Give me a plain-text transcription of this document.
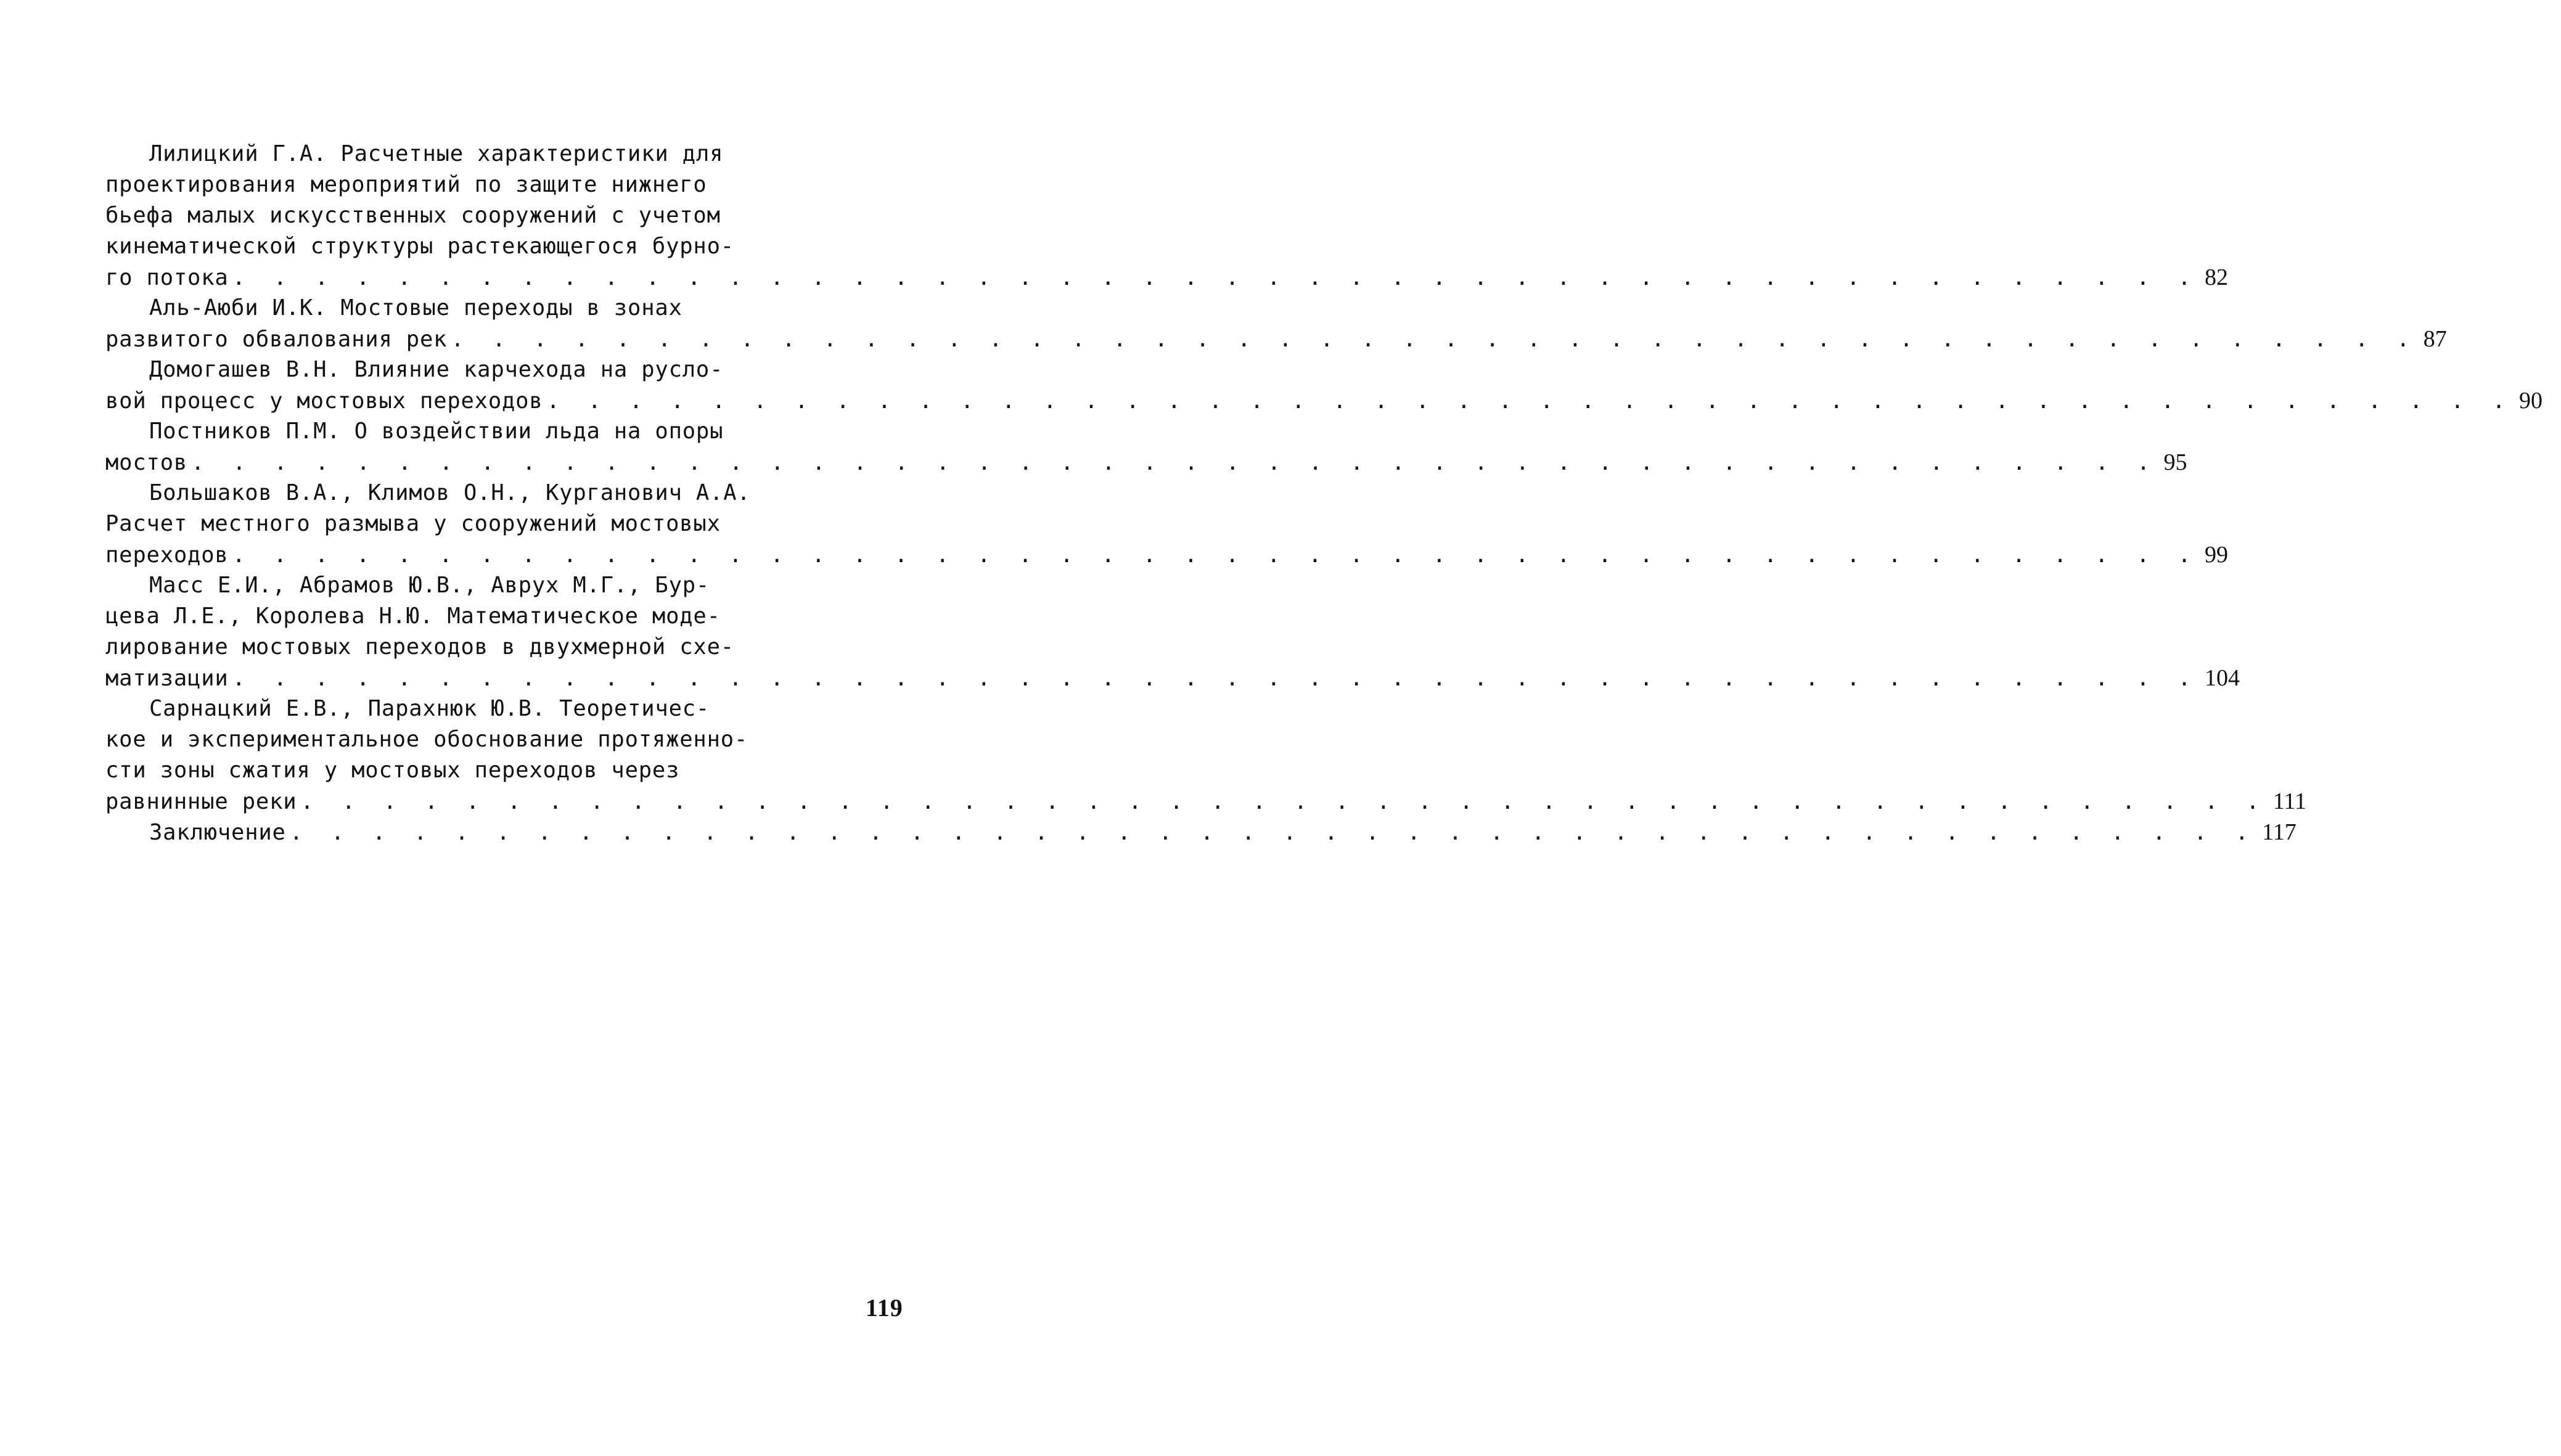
Лилицкий Г.А. Расчетные характеристики для
проектирования мероприятий по защите нижнего
бьефа малых искусственных сооружений с учетом
кинематической структуры растекающегося бурно-
го потока . . . . . . . . . . . . . . . . . . . . . . . . . . . . . . . . . . . . . . . . . . . . . . . . 82
Аль-Аюби И.К. Мостовые переходы в зонах
развитого обвалования рек . . . . . . . . . . . . . . . . . . . . . . . . . . . . . . . . . . . . . . . . . . . . . . . . 87
Домогашев В.Н. Влияние карчехода на русло-
вой процесс у мостовых переходов . . . . . . . . . . . . . . . . . . . . . . . . . . . . . . . . . . . . . . . . . . . . . . . . 90
Постников П.М. О воздействии льда на опоры
мостов . . . . . . . . . . . . . . . . . . . . . . . . . . . . . . . . . . . . . . . . . . . . . . . . 95
Большаков В.А., Климов О.Н., Курганович А.А.
Расчет местного размыва у сооружений мостовых
переходов . . . . . . . . . . . . . . . . . . . . . . . . . . . . . . . . . . . . . . . . . . . . . . . . 99
Масс Е.И., Абрамов Ю.В., Аврух М.Г., Бур-
цева Л.Е., Королева Н.Ю. Математическое моде-
лирование мостовых переходов в двухмерной схе-
матизации . . . . . . . . . . . . . . . . . . . . . . . . . . . . . . . . . . . . . . . . . . . . . . . . 104
Сарнацкий Е.В., Парахнюк Ю.В. Теоретичес-
кое и экспериментальное обоснование протяженно-
сти зоны сжатия у мостовых переходов через
равнинные реки . . . . . . . . . . . . . . . . . . . . . . . . . . . . . . . . . . . . . . . . . . . . . . . . 111
Заключение . . . . . . . . . . . . . . . . . . . . . . . . . . . . . . . . . . . . . . . . . . . . . . . . 117
119
